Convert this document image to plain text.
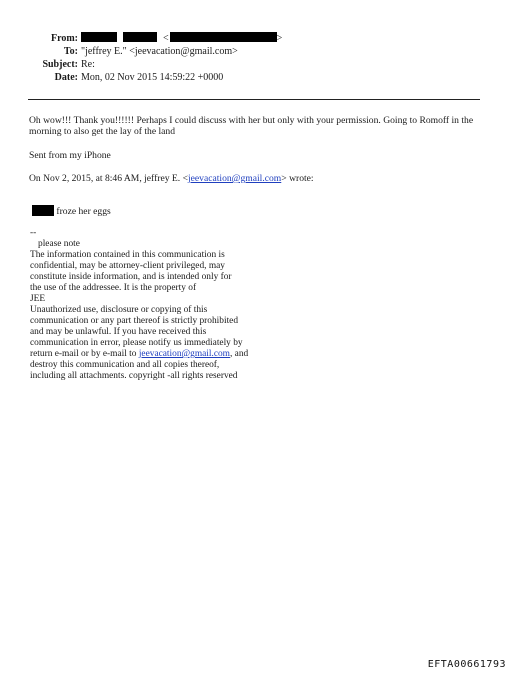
From:	<	>
To: "jeffrey E." <jeevacation@gmail.com>
Subject: Re:
Date: Mon, 02 Nov 2015 14:59:22 +0000
Oh wow!!! Thank you!!!!!! Perhaps I could discuss with her but only with your permission. Going to Romoff in the morning to also get the lay of the land
Sent from my iPhone
On Nov 2, 2015, at 8:46 AM, jeffrey E. <jeevacation@gmail.com> wrote:
froze her eggs
--
please note
The information contained in this communication is
confidential, may be attorney-client privileged, may
constitute inside information, and is intended only for
the use of the addressee. It is the property of
JEE
Unauthorized use, disclosure or copying of this
communication or any part thereof is strictly prohibited
and may be unlawful. If you have received this
communication in error, please notify us immediately by
return e-mail or by e-mail to jeevacation@gmail.com, and
destroy this communication and all copies thereof,
including all attachments. copyright -all rights reserved
EFTA00661793
